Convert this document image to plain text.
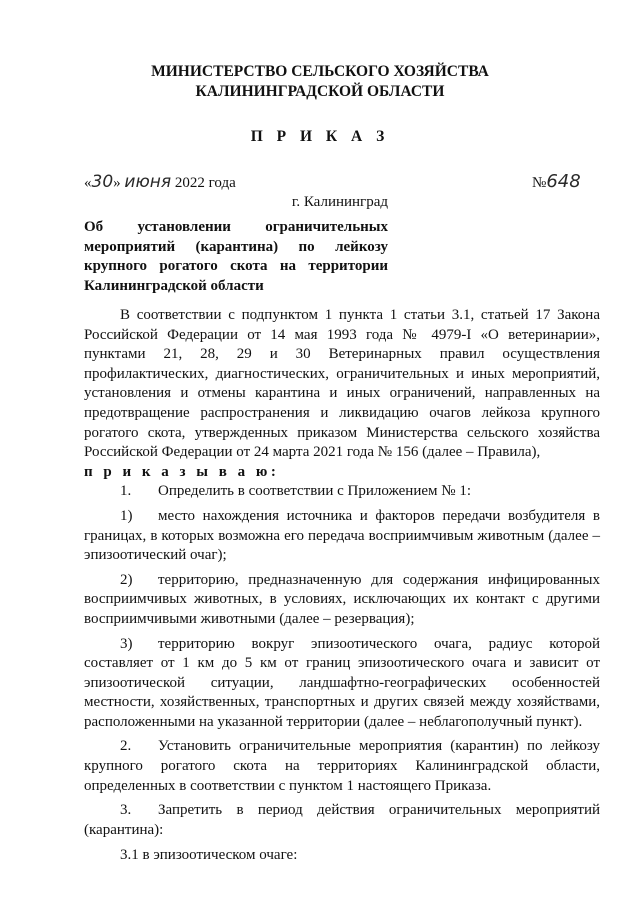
МИНИСТЕРСТВО СЕЛЬСКОГО ХОЗЯЙСТВА
КАЛИНИНГРАДСКОЙ ОБЛАСТИ
П Р И К А З
«30» июня 2022 года	№648
г. Калининград
Об установлении ограничительных мероприятий (карантина) по лейкозу крупного рогатого скота на территории Калининградской области

В соответствии с подпунктом 1 пункта 1 статьи 3.1, статьей 17 Закона Российской Федерации от 14 мая 1993 года № 4979-I «О ветеринарии», пунктами 21, 28, 29 и 30 Ветеринарных правил осуществления профилактических, диагностических, ограничительных и иных мероприятий, установления и отмены карантина и иных ограничений, направленных на предотвращение распространения и ликвидацию очагов лейкоза крупного рогатого скота, утвержденных приказом Министерства сельского хозяйства Российской Федерации от 24 марта 2021 года № 156 (далее – Правила),

п р и к а з ы в а ю:

1. Определить в соответствии с Приложением № 1:

1) место нахождения источника и факторов передачи возбудителя в границах, в которых возможна его передача восприимчивым животным (далее – эпизоотический очаг);

2) территорию, предназначенную для содержания инфицированных восприимчивых животных, в условиях, исключающих их контакт с другими восприимчивыми животными (далее – резервация);

3) территорию вокруг эпизоотического очага, радиус которой составляет от 1 км до 5 км от границ эпизоотического очага и зависит от эпизоотической ситуации, ландшафтно-географических особенностей местности, хозяйственных, транспортных и других связей между хозяйствами, расположенными на указанной территории (далее – неблагополучный пункт).

2. Установить ограничительные мероприятия (карантин) по лейкозу крупного рогатого скота на территориях Калининградской области, определенных в соответствии с пунктом 1 настоящего Приказа.

3. Запретить в период действия ограничительных мероприятий (карантина):

3.1 в эпизоотическом очаге:
